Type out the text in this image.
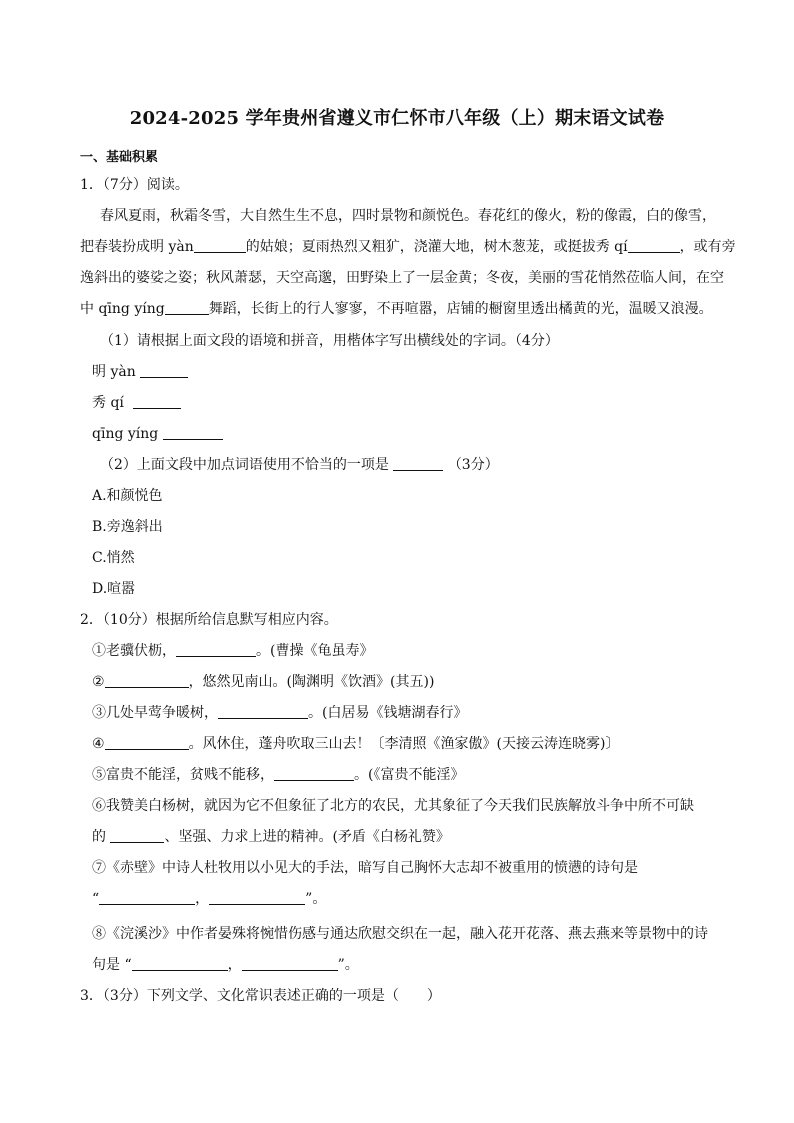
2024-2025 学年贵州省遵义市仁怀市八年级（上）期末语文试卷
一、基础积累
1．（7分）阅读。
春风夏雨，秋霜冬雪，大自然生生不息，四时景物和颜悦色。春花红的像火，粉的像霞，白的像雪，
把春装扮成明 yàn	的姑娘；夏雨热烈又粗犷，浇灌大地，树木葱茏，或挺拔秀 qí	，或有旁
逸斜出的婆娑之姿；秋风萧瑟，天空高邈，田野染上了一层金黄；冬夜，美丽的雪花悄然莅临人间，在空
中 qīng yíng	舞蹈，长街上的行人寥寥，不再喧嚣，店铺的橱窗里透出橘黄的光，温暖又浪漫。
（1）请根据上面文段的语境和拼音，用楷体字写出横线处的字词。（4分）
明 yàn
秀 qí
qīng yíng
（2）上面文段中加点词语使用不恰当的一项是	（3分）
A.和颜悦色
B.旁逸斜出
C.悄然
D.喧嚣
2．（10分）根据所给信息默写相应内容。
①老骥伏枥，	。(曹操《龟虽寿》
②	，悠然见南山。(陶渊明《饮酒》(其五))
③几处早莺争暖树，	。(白居易《钱塘湖春行》
④	。风休住，蓬舟吹取三山去！〔李清照《渔家傲》(天接云涛连晓雾)〕
⑤富贵不能淫，贫贱不能移，	。(《富贵不能淫》
⑥我赞美白杨树，就因为它不但象征了北方的农民，尤其象征了今天我们民族解放斗争中所不可缺
的	、坚强、力求上进的精神。(矛盾《白杨礼赞》
⑦《赤壁》中诗人杜牧用以小见大的手法，暗写自己胸怀大志却不被重用的愤懑的诗句是
“	，	”。
⑧《浣溪沙》中作者晏殊将惋惜伤感与通达欣慰交织在一起，融入花开花落、燕去燕来等景物中的诗
句是 “	，	”。
3．（3分）下列文学、文化常识表述正确的一项是（　　）
